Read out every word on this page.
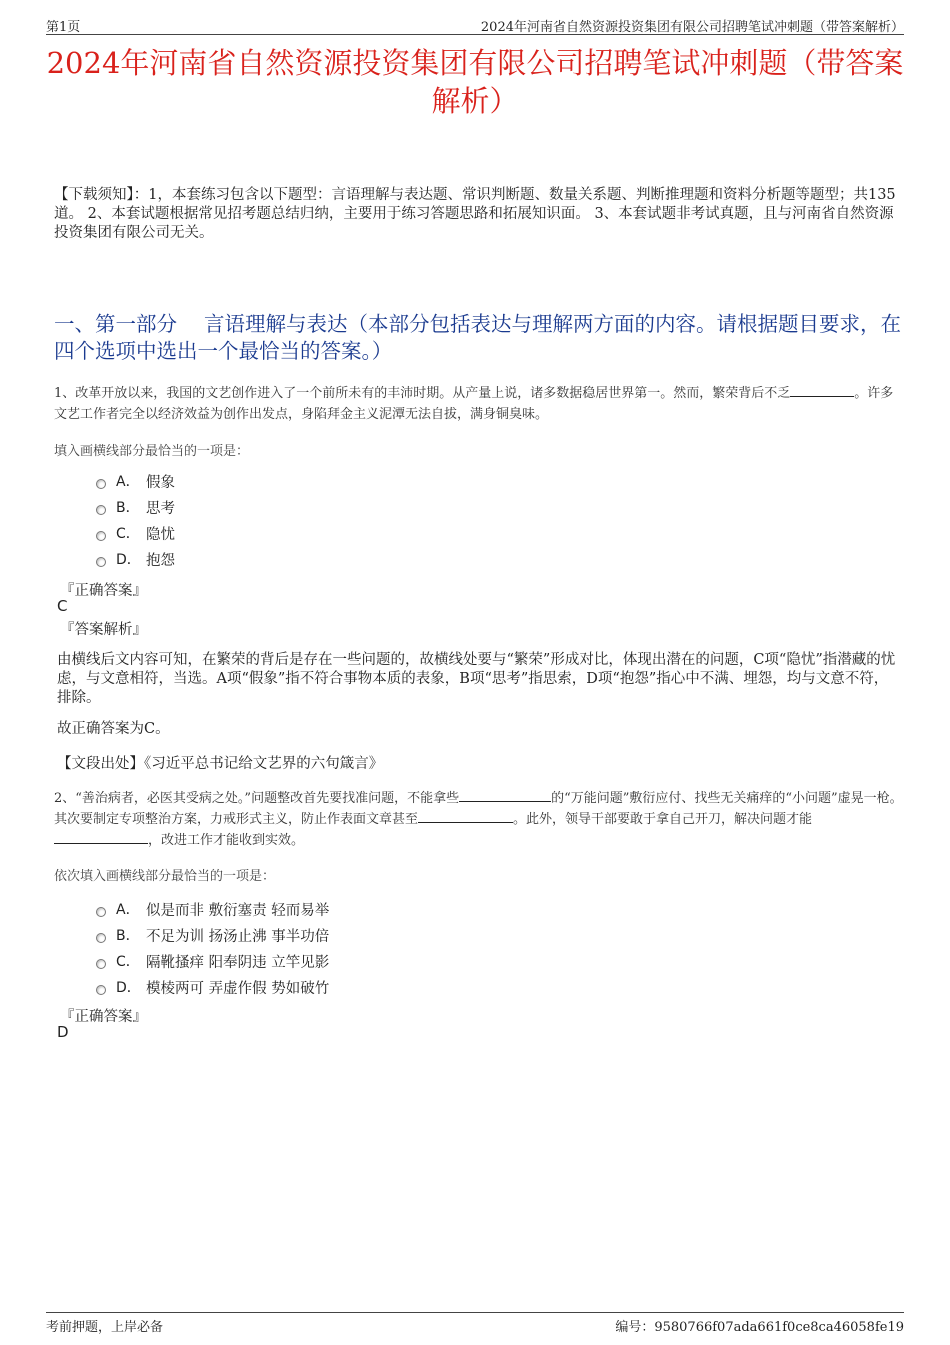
第1页	2024年河南省自然资源投资集团有限公司招聘笔试冲刺题（带答案解析）
2024年河南省自然资源投资集团有限公司招聘笔试冲刺题（带答案解析）
【下载须知】：1，本套练习包含以下题型：言语理解与表达题、常识判断题、数量关系题、判断推理题和资料分析题等题型；共135道。 2、本套试题根据常见招考题总结归纳，主要用于练习答题思路和拓展知识面。 3、本套试题非考试真题，且与河南省自然资源投资集团有限公司无关。
一、第一部分　 言语理解与表达（本部分包括表达与理解两方面的内容。请根据题目要求，在四个选项中选出一个最恰当的答案。）
1、改革开放以来，我国的文艺创作进入了一个前所未有的丰沛时期。从产量上说，诸多数据稳居世界第一。然而，繁荣背后不乏	。许多文艺工作者完全以经济效益为创作出发点，身陷拜金主义泥潭无法自拔，满身铜臭味。
填入画横线部分最恰当的一项是：
A． 假象
B． 思考
C． 隐忧
D． 抱怨
『正确答案』
C
『答案解析』
由横线后文内容可知，在繁荣的背后是存在一些问题的，故横线处要与“繁荣”形成对比，体现出潜在的问题，C项“隐忧”指潜藏的忧虑，与文意相符，当选。A项“假象”指不符合事物本质的表象，B项“思考”指思索，D项“抱怨”指心中不满、埋怨，均与文意不符，排除。
故正确答案为C。
【文段出处】《习近平总书记给文艺界的六句箴言》
2、“善治病者，必医其受病之处。”问题整改首先要找准问题，不能拿些	的“万能问题”敷衍应付、找些无关痛痒的“小问题”虚晃一枪。其次要制定专项整治方案，力戒形式主义，防止作表面文章甚至	。此外，领导干部要敢于拿自己开刀，解决问题才能，改进工作才能收到实效。
依次填入画横线部分最恰当的一项是：
A． 似是而非 敷衍塞责 轻而易举
B． 不足为训 扬汤止沸 事半功倍
C． 隔靴搔痒 阳奉阴违 立竿见影
D． 模棱两可 弄虚作假 势如破竹
『正确答案』
D
考前押题，上岸必备	编号：9580766f07ada661f0ce8ca46058fe19
